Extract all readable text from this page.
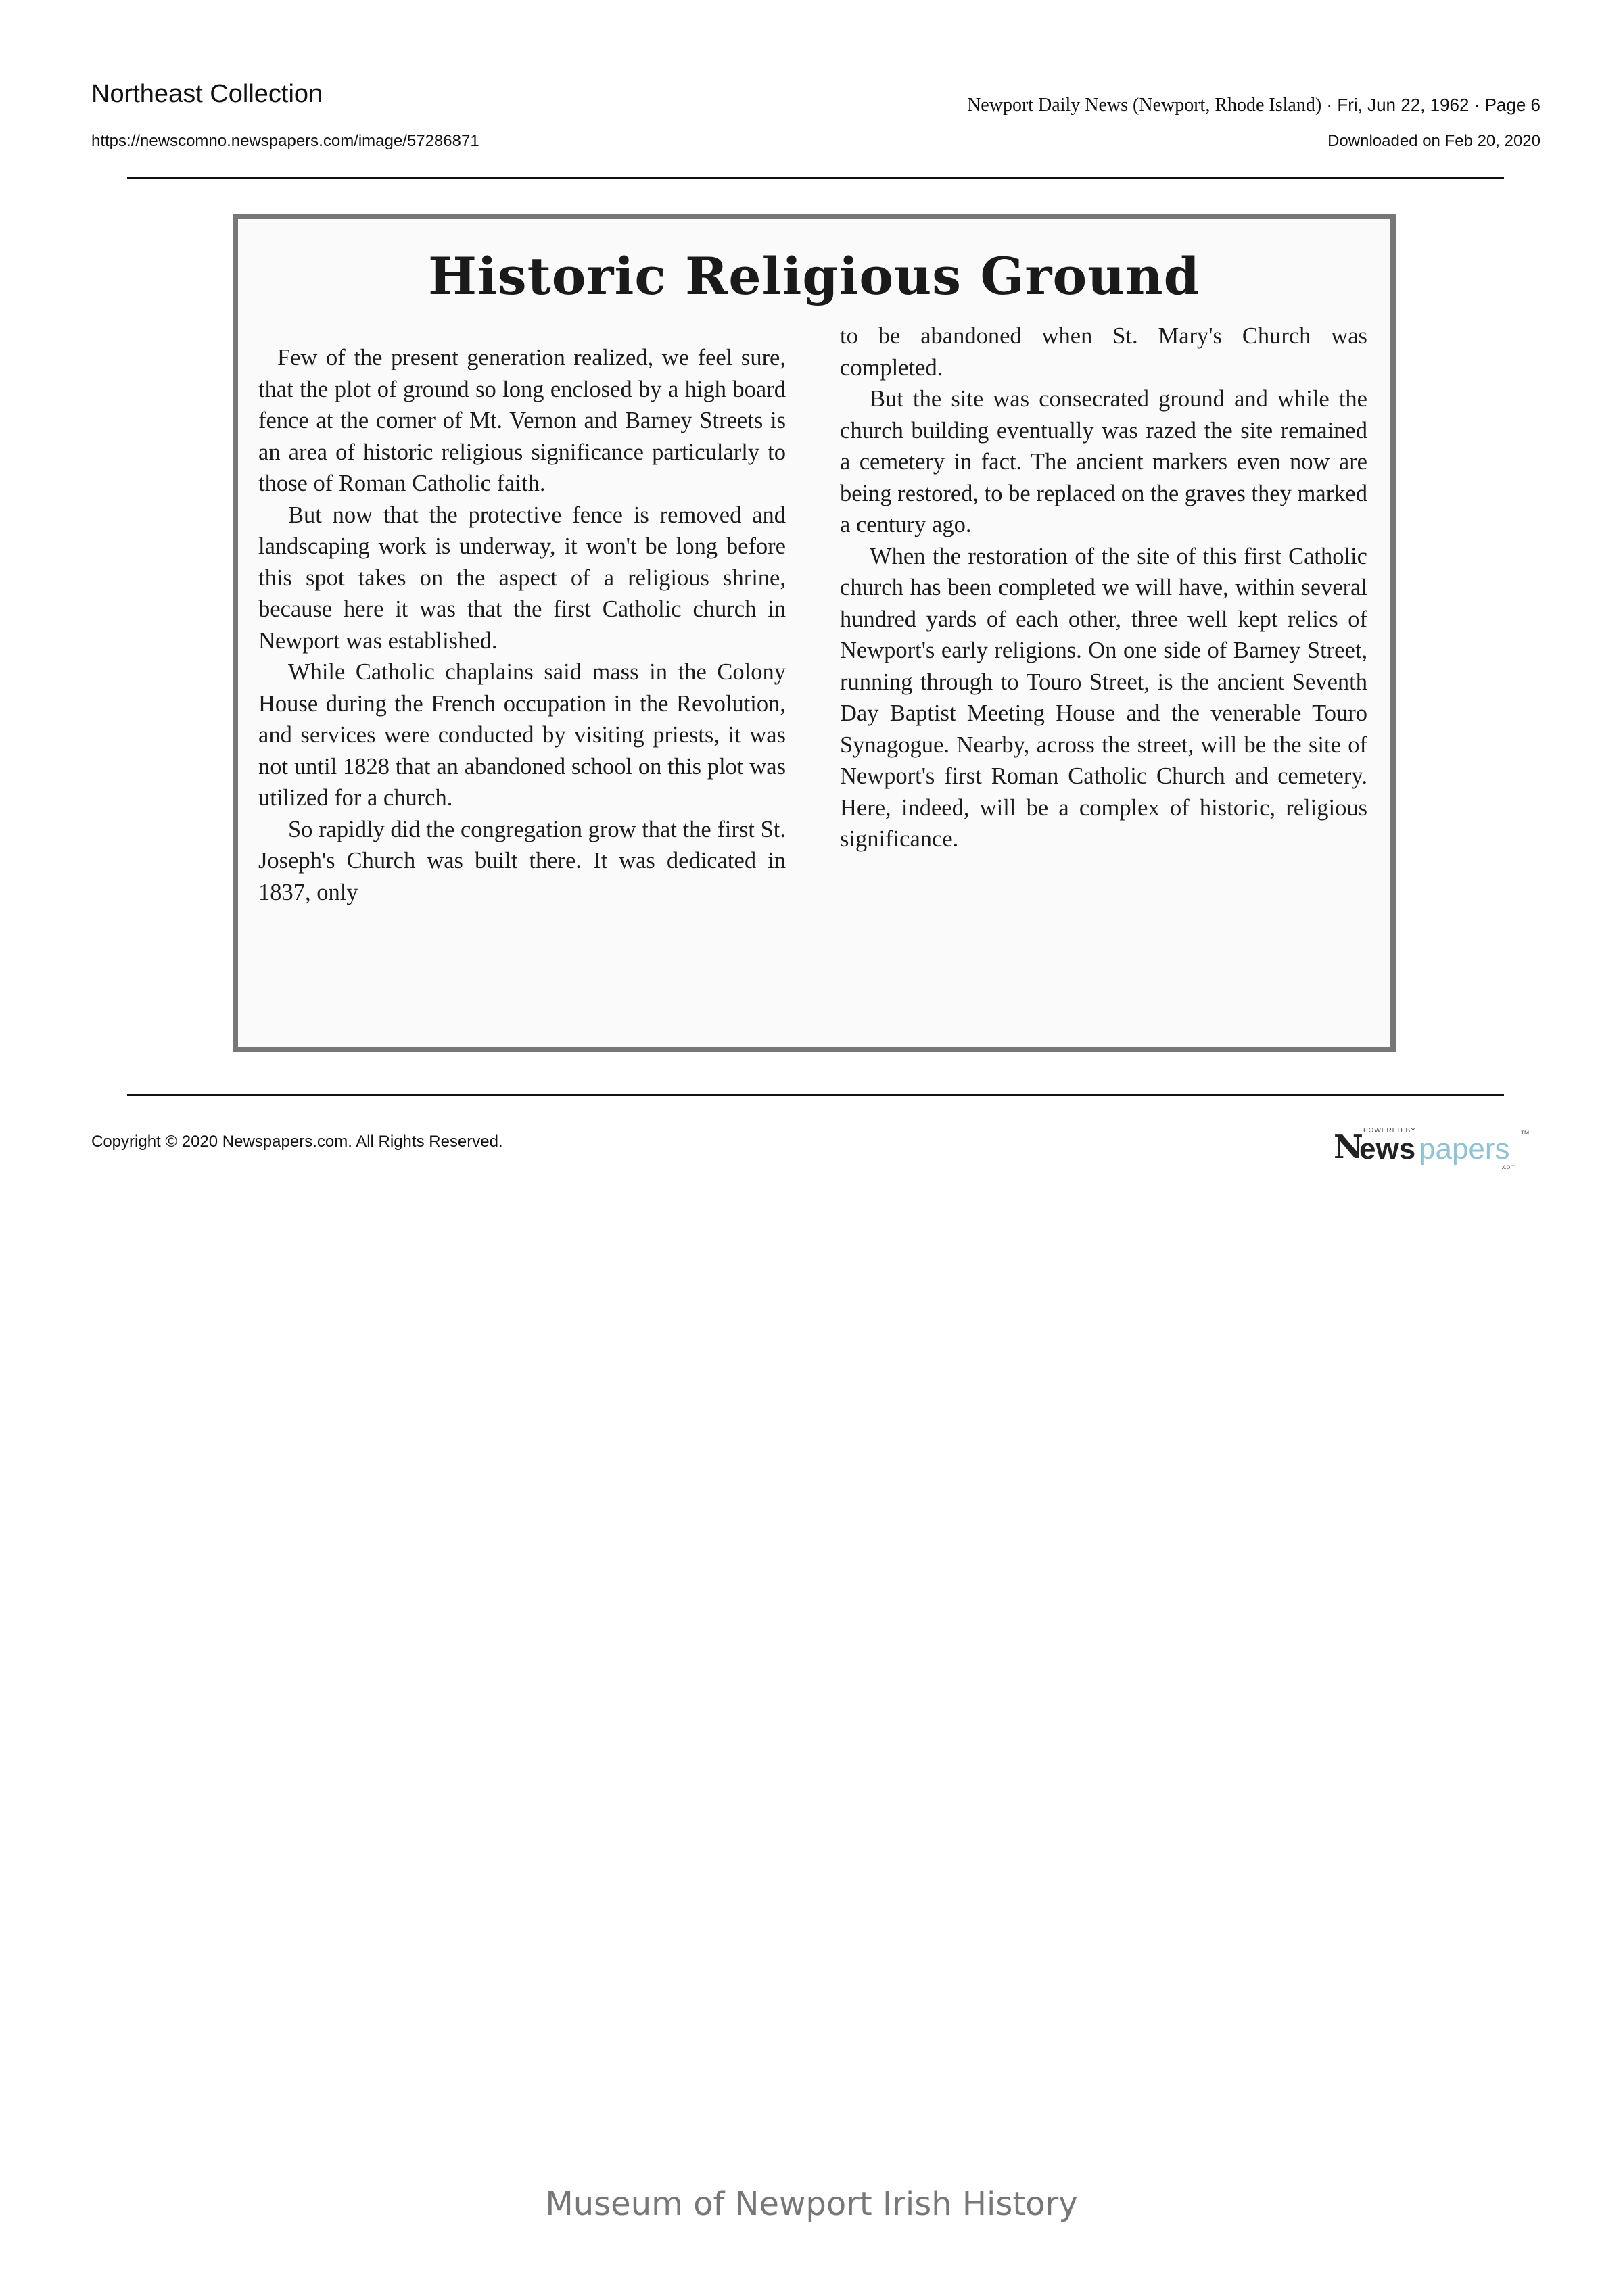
Northeast Collection
https://newscomno.newspapers.com/image/57286871
Newport Daily News (Newport, Rhode Island) · Fri, Jun 22, 1962 · Page 6
Downloaded on Feb 20, 2020
Historic Religious Ground

Few of the present generation realized, we feel sure, that the plot of ground so long enclosed by a high board fence at the corner of Mt. Vernon and Barney Streets is an area of historic religious significance particularly to those of Roman Catholic faith.

But now that the protective fence is removed and landscaping work is underway, it won't be long before this spot takes on the aspect of a religious shrine, because here it was that the first Catholic church in Newport was established.

While Catholic chaplains said mass in the Colony House during the French occupation in the Revolution, and services were conducted by visiting priests, it was not until 1828 that an abandoned school on this plot was utilized for a church.

So rapidly did the congregation grow that the first St. Joseph's Church was built there. It was dedicated in 1837, only

to be abandoned when St. Mary's Church was completed.

But the site was consecrated ground and while the church building eventually was razed the site remained a cemetery in fact. The ancient markers even now are being restored, to be replaced on the graves they marked a century ago.

When the restoration of the site of this first Catholic church has been completed we will have, within several hundred yards of each other, three well kept relics of Newport's early religions. On one side of Barney Street, running through to Touro Street, is the ancient Seventh Day Baptist Meeting House and the venerable Touro Synagogue. Nearby, across the street, will be the site of Newport's first Roman Catholic Church and cemetery. Here, indeed, will be a complex of historic, religious significance.

Copyright © 2020 Newspapers.com. All Rights Reserved.	N POWERED BY
ews papers ™
.com
Museum of Newport Irish History
